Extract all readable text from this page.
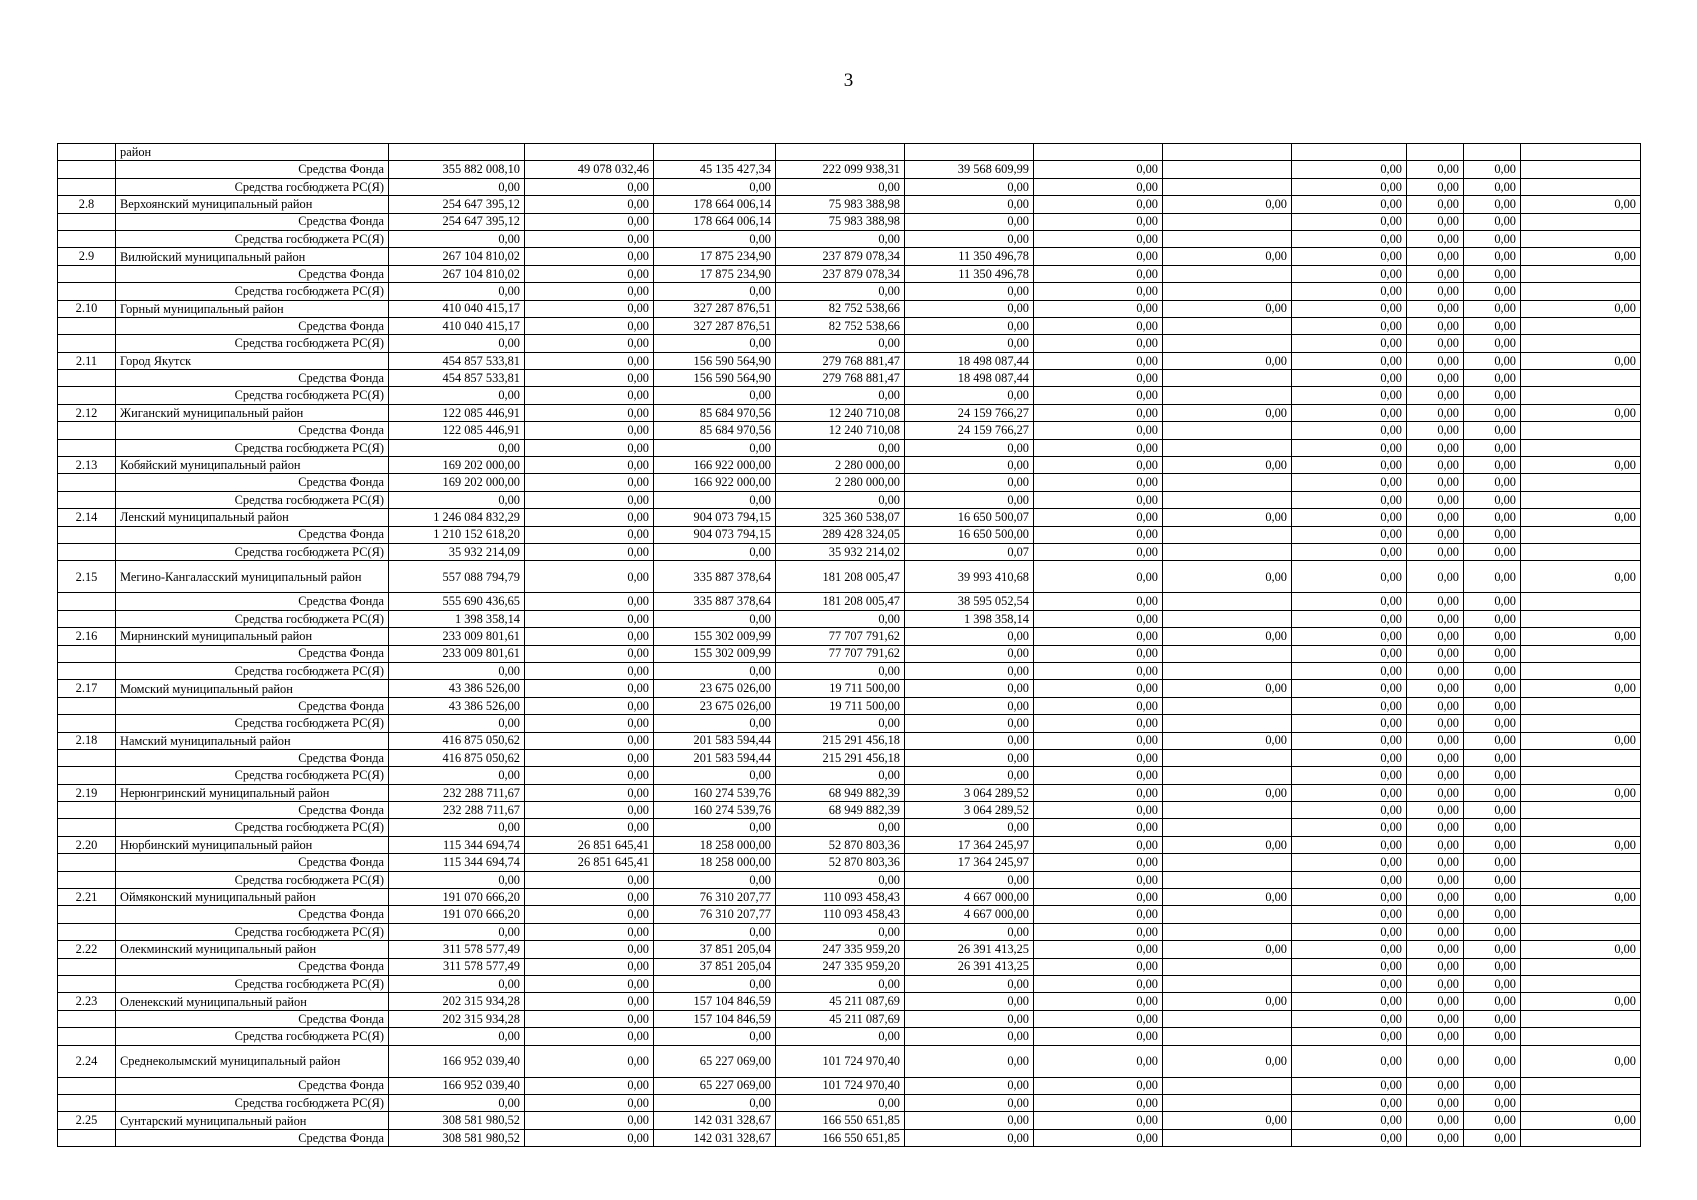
3
	район											
	Средства Фонда	355 882 008,10	49 078 032,46	45 135 427,34	222 099 938,31	39 568 609,99	0,00		0,00	0,00	0,00	
	Средства госбюджета РС(Я)	0,00	0,00	0,00	0,00	0,00	0,00		0,00	0,00	0,00	
2.8	Верхоянский муниципальный район	254 647 395,12	0,00	178 664 006,14	75 983 388,98	0,00	0,00	0,00	0,00	0,00	0,00	0,00
	Средства Фонда	254 647 395,12	0,00	178 664 006,14	75 983 388,98	0,00	0,00		0,00	0,00	0,00	
	Средства госбюджета РС(Я)	0,00	0,00	0,00	0,00	0,00	0,00		0,00	0,00	0,00	
2.9	Вилюйский муниципальный район	267 104 810,02	0,00	17 875 234,90	237 879 078,34	11 350 496,78	0,00	0,00	0,00	0,00	0,00	0,00
	Средства Фонда	267 104 810,02	0,00	17 875 234,90	237 879 078,34	11 350 496,78	0,00		0,00	0,00	0,00	
	Средства госбюджета РС(Я)	0,00	0,00	0,00	0,00	0,00	0,00		0,00	0,00	0,00	
2.10	Горный муниципальный район	410 040 415,17	0,00	327 287 876,51	82 752 538,66	0,00	0,00	0,00	0,00	0,00	0,00	0,00
	Средства Фонда	410 040 415,17	0,00	327 287 876,51	82 752 538,66	0,00	0,00		0,00	0,00	0,00	
	Средства госбюджета РС(Я)	0,00	0,00	0,00	0,00	0,00	0,00		0,00	0,00	0,00	
2.11	Город Якутск	454 857 533,81	0,00	156 590 564,90	279 768 881,47	18 498 087,44	0,00	0,00	0,00	0,00	0,00	0,00
	Средства Фонда	454 857 533,81	0,00	156 590 564,90	279 768 881,47	18 498 087,44	0,00		0,00	0,00	0,00	
	Средства госбюджета РС(Я)	0,00	0,00	0,00	0,00	0,00	0,00		0,00	0,00	0,00	
2.12	Жиганский муниципальный район	122 085 446,91	0,00	85 684 970,56	12 240 710,08	24 159 766,27	0,00	0,00	0,00	0,00	0,00	0,00
	Средства Фонда	122 085 446,91	0,00	85 684 970,56	12 240 710,08	24 159 766,27	0,00		0,00	0,00	0,00	
	Средства госбюджета РС(Я)	0,00	0,00	0,00	0,00	0,00	0,00		0,00	0,00	0,00	
2.13	Кобяйский муниципальный район	169 202 000,00	0,00	166 922 000,00	2 280 000,00	0,00	0,00	0,00	0,00	0,00	0,00	0,00
	Средства Фонда	169 202 000,00	0,00	166 922 000,00	2 280 000,00	0,00	0,00		0,00	0,00	0,00	
	Средства госбюджета РС(Я)	0,00	0,00	0,00	0,00	0,00	0,00		0,00	0,00	0,00	
2.14	Ленский муниципальный район	1 246 084 832,29	0,00	904 073 794,15	325 360 538,07	16 650 500,07	0,00	0,00	0,00	0,00	0,00	0,00
	Средства Фонда	1 210 152 618,20	0,00	904 073 794,15	289 428 324,05	16 650 500,00	0,00		0,00	0,00	0,00	
	Средства госбюджета РС(Я)	35 932 214,09	0,00	0,00	35 932 214,02	0,07	0,00		0,00	0,00	0,00	
2.15	Мегино-Кангаласский муниципальный район	557 088 794,79	0,00	335 887 378,64	181 208 005,47	39 993 410,68	0,00	0,00	0,00	0,00	0,00	0,00
	Средства Фонда	555 690 436,65	0,00	335 887 378,64	181 208 005,47	38 595 052,54	0,00		0,00	0,00	0,00	
	Средства госбюджета РС(Я)	1 398 358,14	0,00	0,00	0,00	1 398 358,14	0,00		0,00	0,00	0,00	
2.16	Мирнинский муниципальный район	233 009 801,61	0,00	155 302 009,99	77 707 791,62	0,00	0,00	0,00	0,00	0,00	0,00	0,00
	Средства Фонда	233 009 801,61	0,00	155 302 009,99	77 707 791,62	0,00	0,00		0,00	0,00	0,00	
	Средства госбюджета РС(Я)	0,00	0,00	0,00	0,00	0,00	0,00		0,00	0,00	0,00	
2.17	Момский муниципальный район	43 386 526,00	0,00	23 675 026,00	19 711 500,00	0,00	0,00	0,00	0,00	0,00	0,00	0,00
	Средства Фонда	43 386 526,00	0,00	23 675 026,00	19 711 500,00	0,00	0,00		0,00	0,00	0,00	
	Средства госбюджета РС(Я)	0,00	0,00	0,00	0,00	0,00	0,00		0,00	0,00	0,00	
2.18	Намский муниципальный район	416 875 050,62	0,00	201 583 594,44	215 291 456,18	0,00	0,00	0,00	0,00	0,00	0,00	0,00
	Средства Фонда	416 875 050,62	0,00	201 583 594,44	215 291 456,18	0,00	0,00		0,00	0,00	0,00	
	Средства госбюджета РС(Я)	0,00	0,00	0,00	0,00	0,00	0,00		0,00	0,00	0,00	
2.19	Нерюнгринский муниципальный район	232 288 711,67	0,00	160 274 539,76	68 949 882,39	3 064 289,52	0,00	0,00	0,00	0,00	0,00	0,00
	Средства Фонда	232 288 711,67	0,00	160 274 539,76	68 949 882,39	3 064 289,52	0,00		0,00	0,00	0,00	
	Средства госбюджета РС(Я)	0,00	0,00	0,00	0,00	0,00	0,00		0,00	0,00	0,00	
2.20	Нюрбинский муниципальный район	115 344 694,74	26 851 645,41	18 258 000,00	52 870 803,36	17 364 245,97	0,00	0,00	0,00	0,00	0,00	0,00
	Средства Фонда	115 344 694,74	26 851 645,41	18 258 000,00	52 870 803,36	17 364 245,97	0,00		0,00	0,00	0,00	
	Средства госбюджета РС(Я)	0,00	0,00	0,00	0,00	0,00	0,00		0,00	0,00	0,00	
2.21	Оймяконский муниципальный район	191 070 666,20	0,00	76 310 207,77	110 093 458,43	4 667 000,00	0,00	0,00	0,00	0,00	0,00	0,00
	Средства Фонда	191 070 666,20	0,00	76 310 207,77	110 093 458,43	4 667 000,00	0,00		0,00	0,00	0,00	
	Средства госбюджета РС(Я)	0,00	0,00	0,00	0,00	0,00	0,00		0,00	0,00	0,00	
2.22	Олекминский муниципальный район	311 578 577,49	0,00	37 851 205,04	247 335 959,20	26 391 413,25	0,00	0,00	0,00	0,00	0,00	0,00
	Средства Фонда	311 578 577,49	0,00	37 851 205,04	247 335 959,20	26 391 413,25	0,00		0,00	0,00	0,00	
	Средства госбюджета РС(Я)	0,00	0,00	0,00	0,00	0,00	0,00		0,00	0,00	0,00	
2.23	Оленекский муниципальный район	202 315 934,28	0,00	157 104 846,59	45 211 087,69	0,00	0,00	0,00	0,00	0,00	0,00	0,00
	Средства Фонда	202 315 934,28	0,00	157 104 846,59	45 211 087,69	0,00	0,00		0,00	0,00	0,00	
	Средства госбюджета РС(Я)	0,00	0,00	0,00	0,00	0,00	0,00		0,00	0,00	0,00	
2.24	Среднеколымский муниципальный район	166 952 039,40	0,00	65 227 069,00	101 724 970,40	0,00	0,00	0,00	0,00	0,00	0,00	0,00
	Средства Фонда	166 952 039,40	0,00	65 227 069,00	101 724 970,40	0,00	0,00		0,00	0,00	0,00	
	Средства госбюджета РС(Я)	0,00	0,00	0,00	0,00	0,00	0,00		0,00	0,00	0,00	
2.25	Сунтарский муниципальный район	308 581 980,52	0,00	142 031 328,67	166 550 651,85	0,00	0,00	0,00	0,00	0,00	0,00	0,00
	Средства Фонда	308 581 980,52	0,00	142 031 328,67	166 550 651,85	0,00	0,00		0,00	0,00	0,00	
